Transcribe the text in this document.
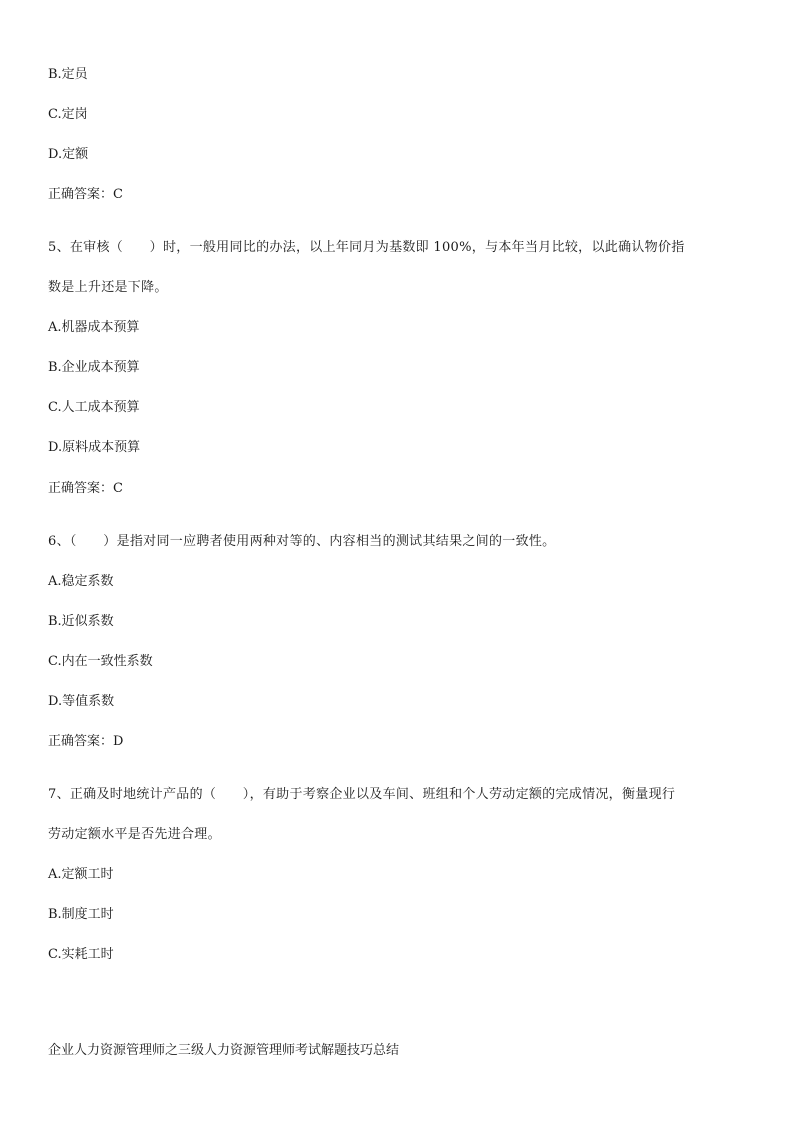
B.定员
C.定岗
D.定额
正确答案：C
5、在审核（　　）时，一般用同比的办法，以上年同月为基数即 100%，与本年当月比较，以此确认物价指
数是上升还是下降。
A.机器成本预算
B.企业成本预算
C.人工成本预算
D.原料成本预算
正确答案：C
6、（　　）是指对同一应聘者使用两种对等的、内容相当的测试其结果之间的一致性。
A.稳定系数
B.近似系数
C.内在一致性系数
D.等值系数
正确答案：D
7、正确及时地统计产品的（　　），有助于考察企业以及车间、班组和个人劳动定额的完成情况，衡量现行
劳动定额水平是否先进合理。
A.定额工时
B.制度工时
C.实耗工时
企业人力资源管理师之三级人力资源管理师考试解题技巧总结
